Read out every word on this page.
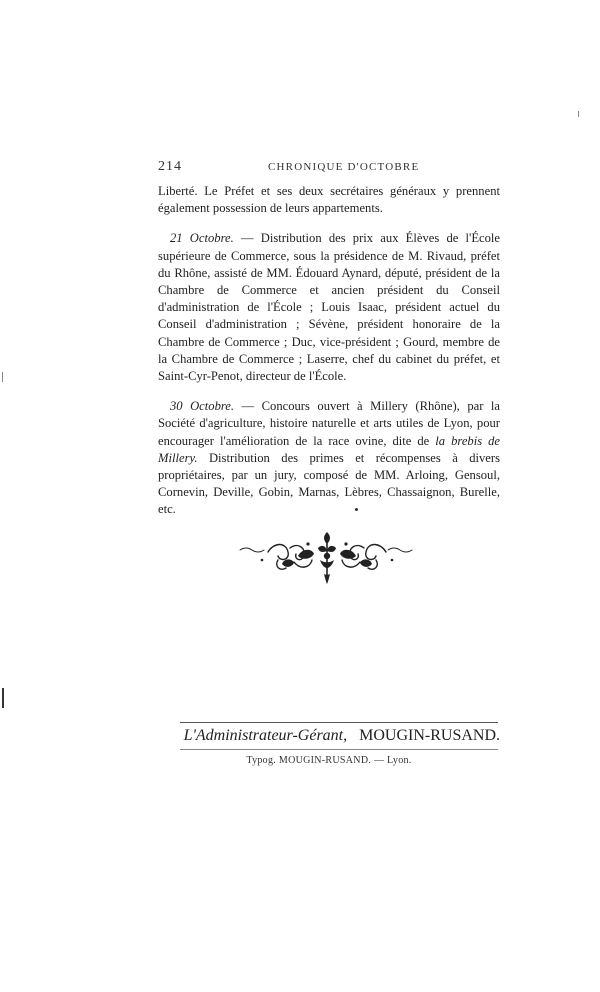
214	CHRONIQUE D'OCTOBRE

Liberté. Le Préfet et ses deux secrétaires généraux y prennent également possession de leurs appartements.

21 Octobre. — Distribution des prix aux Élèves de l'École supérieure de Commerce, sous la présidence de M. Rivaud, préfet du Rhône, assisté de MM. Édouard Aynard, député, président de la Chambre de Commerce et ancien président du Conseil d'administration de l'École ; Louis Isaac, président actuel du Conseil d'administration ; Sévène, président honoraire de la Chambre de Commerce ; Duc, vice-président ; Gourd, membre de la Chambre de Commerce ; Laserre, chef du cabinet du préfet, et Saint-Cyr-Penot, directeur de l'École.

30 Octobre. — Concours ouvert à Millery (Rhône), par la Société d'agriculture, histoire naturelle et arts utiles de Lyon, pour encourager l'amélioration de la race ovine, dite de la brebis de Millery. Distribution des primes et récompenses à divers propriétaires, par un jury, composé de MM. Arloing, Gensoul, Cornevin, Deville, Gobin, Marnas, Lèbres, Chassaignon, Burelle, etc.

L'Administrateur-Gérant, MOUGIN-RUSAND.
Typog. MOUGIN-RUSAND. — Lyon.
